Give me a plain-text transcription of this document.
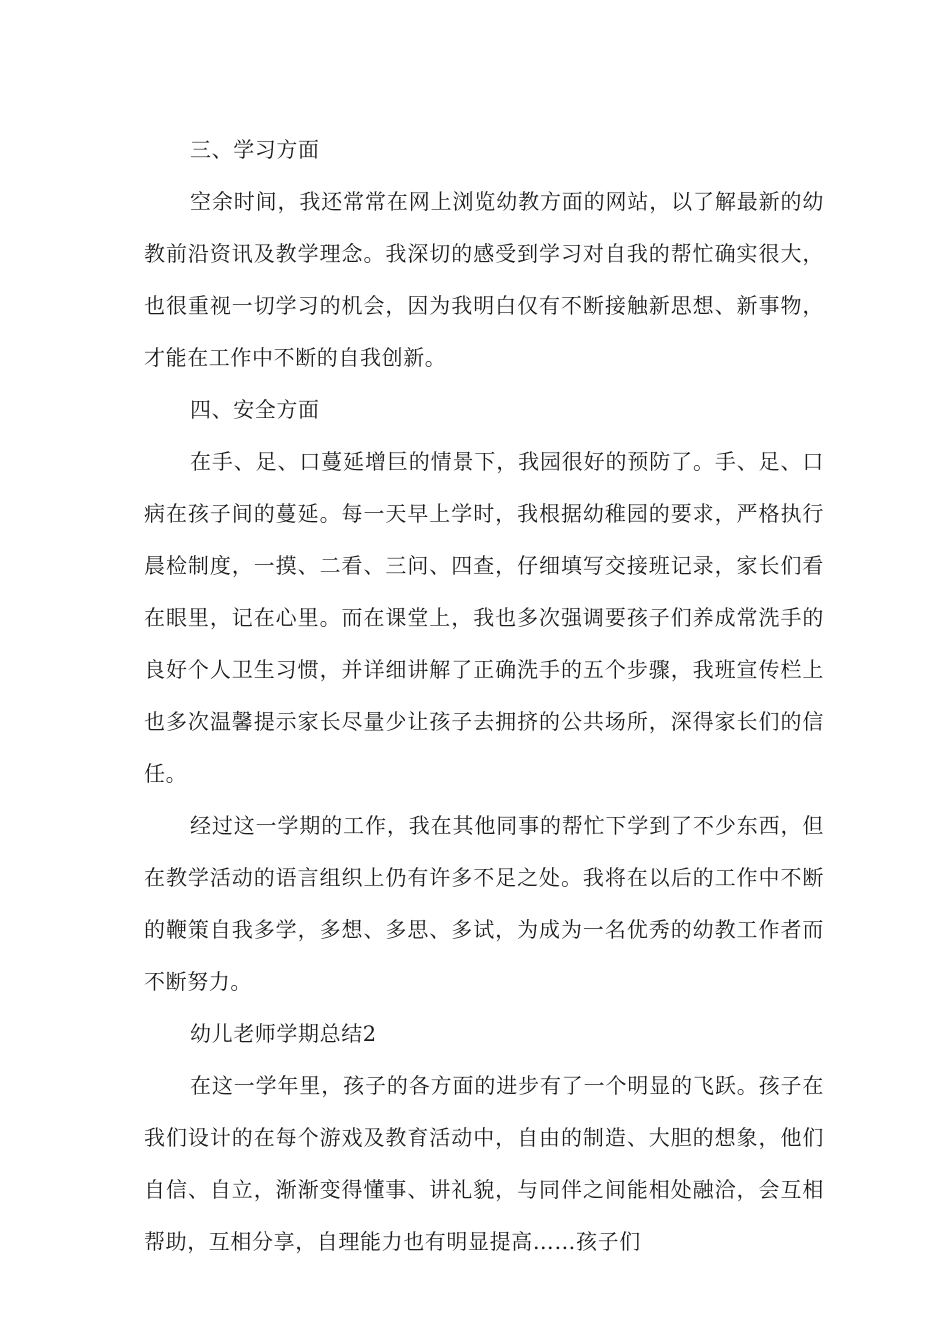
三、学习方面

空余时间，我还常常在网上浏览幼教方面的网站，以了解最新的幼教前沿资讯及教学理念。我深切的感受到学习对自我的帮忙确实很大，也很重视一切学习的机会，因为我明白仅有不断接触新思想、新事物，才能在工作中不断的自我创新。

四、安全方面

在手、足、口蔓延增巨的情景下，我园很好的预防了。手、足、口病在孩子间的蔓延。每一天早上学时，我根据幼稚园的要求，严格执行晨检制度，一摸、二看、三问、四查，仔细填写交接班记录，家长们看在眼里，记在心里。而在课堂上，我也多次强调要孩子们养成常洗手的良好个人卫生习惯，并详细讲解了正确洗手的五个步骤，我班宣传栏上也多次温馨提示家长尽量少让孩子去拥挤的公共场所，深得家长们的信任。

经过这一学期的工作，我在其他同事的帮忙下学到了不少东西，但在教学活动的语言组织上仍有许多不足之处。我将在以后的工作中不断的鞭策自我多学，多想、多思、多试，为成为一名优秀的幼教工作者而不断努力。

幼儿老师学期总结2

在这一学年里，孩子的各方面的进步有了一个明显的飞跃。孩子在我们设计的在每个游戏及教育活动中，自由的制造、大胆的想象，他们自信、自立，渐渐变得懂事、讲礼貌，与同伴之间能相处融洽，会互相帮助，互相分享，自理能力也有明显提高……孩子们
